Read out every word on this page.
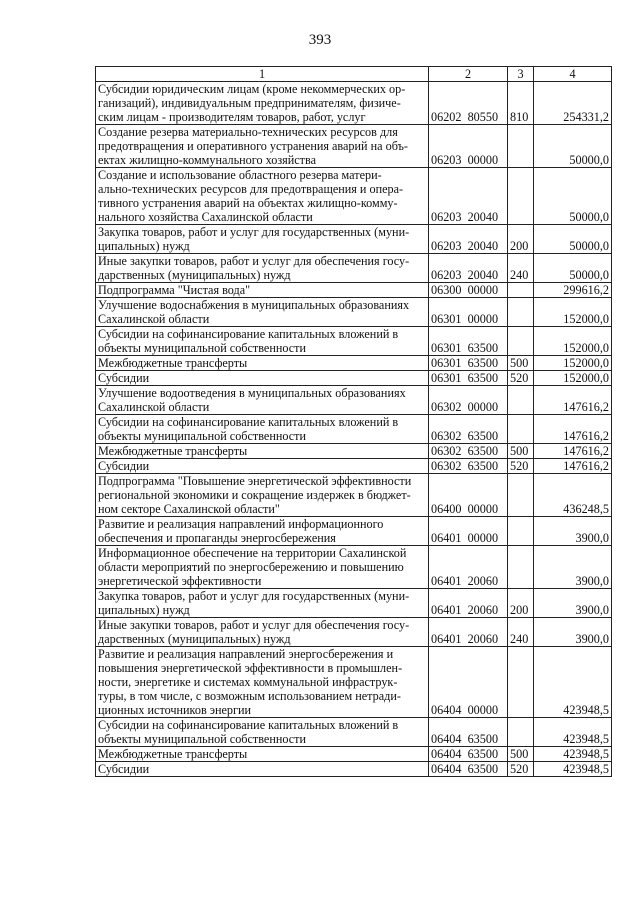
393
1	2	3	4
Субсидии юридическим лицам (кроме некоммерческих ор-
ганизаций), индивидуальным предпринимателям, физиче-
ским лицам - производителям товаров, работ, услуг	06202  80550	810	254331,2
Создание резерва материально-технических ресурсов для
предотвращения и оперативного устранения аварий на объ-
ектах жилищно-коммунального хозяйства	06203  00000		50000,0
Создание и использование областного резерва матери-
ально-технических ресурсов для предотвращения и опера-
тивного устранения аварий на объектах жилищно-комму-
нального хозяйства Сахалинской области	06203  20040		50000,0
Закупка товаров, работ и услуг для государственных (муни-
ципальных) нужд	06203  20040	200	50000,0
Иные закупки товаров, работ и услуг для обеспечения госу-
дарственных (муниципальных) нужд	06203  20040	240	50000,0
Подпрограмма "Чистая вода"	06300  00000		299616,2
Улучшение водоснабжения в муниципальных образованиях
Сахалинской области	06301  00000		152000,0
Субсидии на софинансирование капитальных вложений в
объекты муниципальной собственности	06301  63500		152000,0
Межбюджетные трансферты	06301  63500	500	152000,0
Субсидии	06301  63500	520	152000,0
Улучшение водоотведения в муниципальных образованиях
Сахалинской области	06302  00000		147616,2
Субсидии на софинансирование капитальных вложений в
объекты муниципальной собственности	06302  63500		147616,2
Межбюджетные трансферты	06302  63500	500	147616,2
Субсидии	06302  63500	520	147616,2
Подпрограмма "Повышение энергетической эффективности
региональной экономики и сокращение издержек в бюджет-
ном секторе Сахалинской области"	06400  00000		436248,5
Развитие и реализация направлений информационного
обеспечения и пропаганды энергосбережения	06401  00000		3900,0
Информационное обеспечение на территории Сахалинской
области мероприятий по энергосбережению и повышению
энергетической эффективности	06401  20060		3900,0
Закупка товаров, работ и услуг для государственных (муни-
ципальных) нужд	06401  20060	200	3900,0
Иные закупки товаров, работ и услуг для обеспечения госу-
дарственных (муниципальных) нужд	06401  20060	240	3900,0
Развитие и реализация направлений энергосбережения и
повышения энергетической эффективности в промышлен-
ности, энергетике и системах коммунальной инфраструк-
туры, в том числе, с возможным использованием нетради-
ционных источников энергии	06404  00000		423948,5
Субсидии на софинансирование капитальных вложений в
объекты муниципальной собственности	06404  63500		423948,5
Межбюджетные трансферты	06404  63500	500	423948,5
Субсидии	06404  63500	520	423948,5
